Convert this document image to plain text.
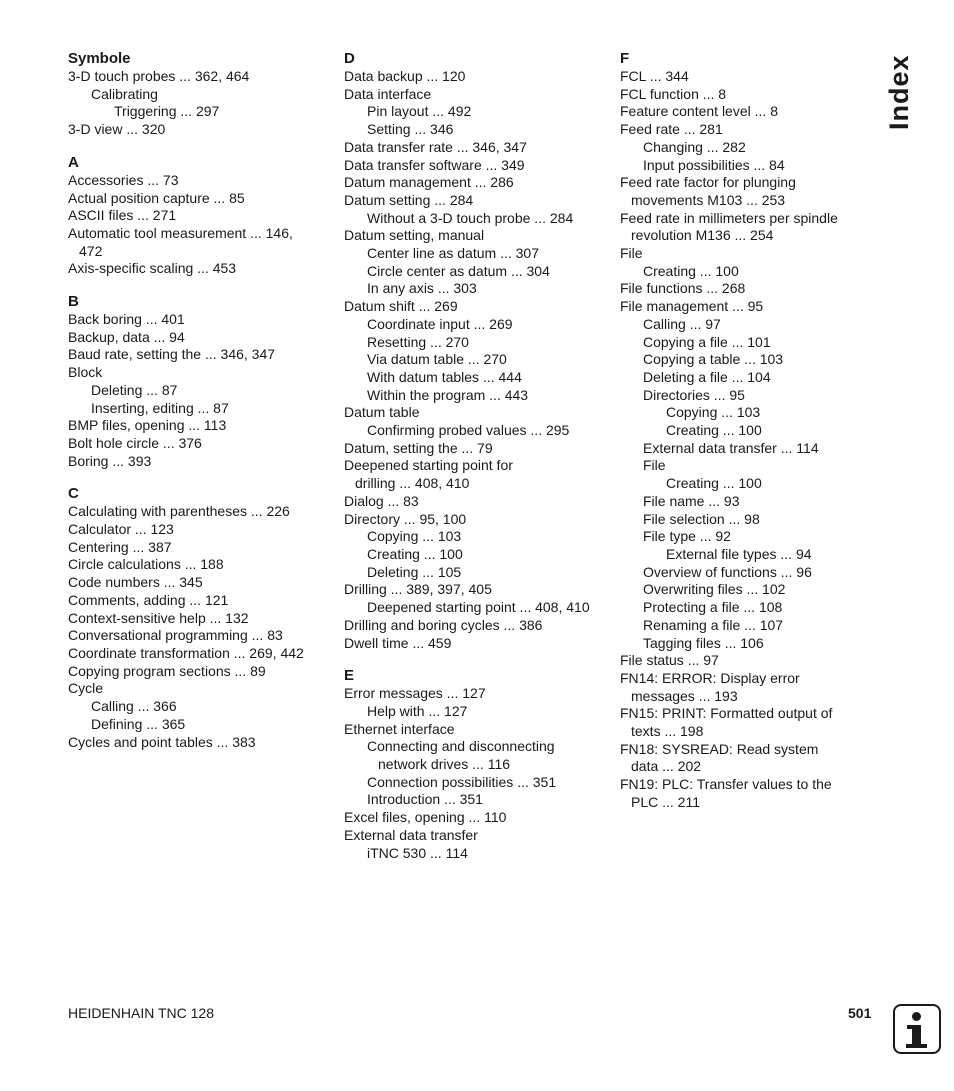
Symbole
3-D touch probes ... 362, 464
Calibrating
Triggering ... 297
3-D view ... 320
A
Accessories ... 73
Actual position capture ... 85
ASCII files ... 271
Automatic tool measurement ... 146,
472
Axis-specific scaling ... 453
B
Back boring ... 401
Backup, data ... 94
Baud rate, setting the ... 346, 347
Block
Deleting ... 87
Inserting, editing ... 87
BMP files, opening ... 113
Bolt hole circle ... 376
Boring ... 393
C
Calculating with parentheses ... 226
Calculator ... 123
Centering ... 387
Circle calculations ... 188
Code numbers ... 345
Comments, adding ... 121
Context-sensitive help ... 132
Conversational programming ... 83
Coordinate transformation ... 269, 442
Copying program sections ... 89
Cycle
Calling ... 366
Defining ... 365
Cycles and point tables ... 383
D
Data backup ... 120
Data interface
Pin layout ... 492
Setting ... 346
Data transfer rate ... 346, 347
Data transfer software ... 349
Datum management ... 286
Datum setting ... 284
Without a 3-D touch probe ... 284
Datum setting, manual
Center line as datum ... 307
Circle center as datum ... 304
In any axis ... 303
Datum shift ... 269
Coordinate input ... 269
Resetting ... 270
Via datum table ... 270
With datum tables ... 444
Within the program ... 443
Datum table
Confirming probed values ... 295
Datum, setting the ... 79
Deepened starting point for
drilling ... 408, 410
Dialog ... 83
Directory ... 95, 100
Copying ... 103
Creating ... 100
Deleting ... 105
Drilling ... 389, 397, 405
Deepened starting point ... 408, 410
Drilling and boring cycles ... 386
Dwell time ... 459
E
Error messages ... 127
Help with ... 127
Ethernet interface
Connecting and disconnecting
network drives ... 116
Connection possibilities ... 351
Introduction ... 351
Excel files, opening ... 110
External data transfer
iTNC 530 ... 114
F
FCL ... 344
FCL function ... 8
Feature content level ... 8
Feed rate ... 281
Changing ... 282
Input possibilities ... 84
Feed rate factor for plunging
movements M103 ... 253
Feed rate in millimeters per spindle
revolution M136 ... 254
File
Creating ... 100
File functions ... 268
File management ... 95
Calling ... 97
Copying a file ... 101
Copying a table ... 103
Deleting a file ... 104
Directories ... 95
Copying ... 103
Creating ... 100
External data transfer ... 114
File
Creating ... 100
File name ... 93
File selection ... 98
File type ... 92
External file types ... 94
Overview of functions ... 96
Overwriting files ... 102
Protecting a file ... 108
Renaming a file ... 107
Tagging files ... 106
File status ... 97
FN14: ERROR: Display error
messages ... 193
FN15: PRINT: Formatted output of
texts ... 198
FN18: SYSREAD: Read system
data ... 202
FN19: PLC: Transfer values to the
PLC ... 211
Index
HEIDENHAIN TNC 128	501
